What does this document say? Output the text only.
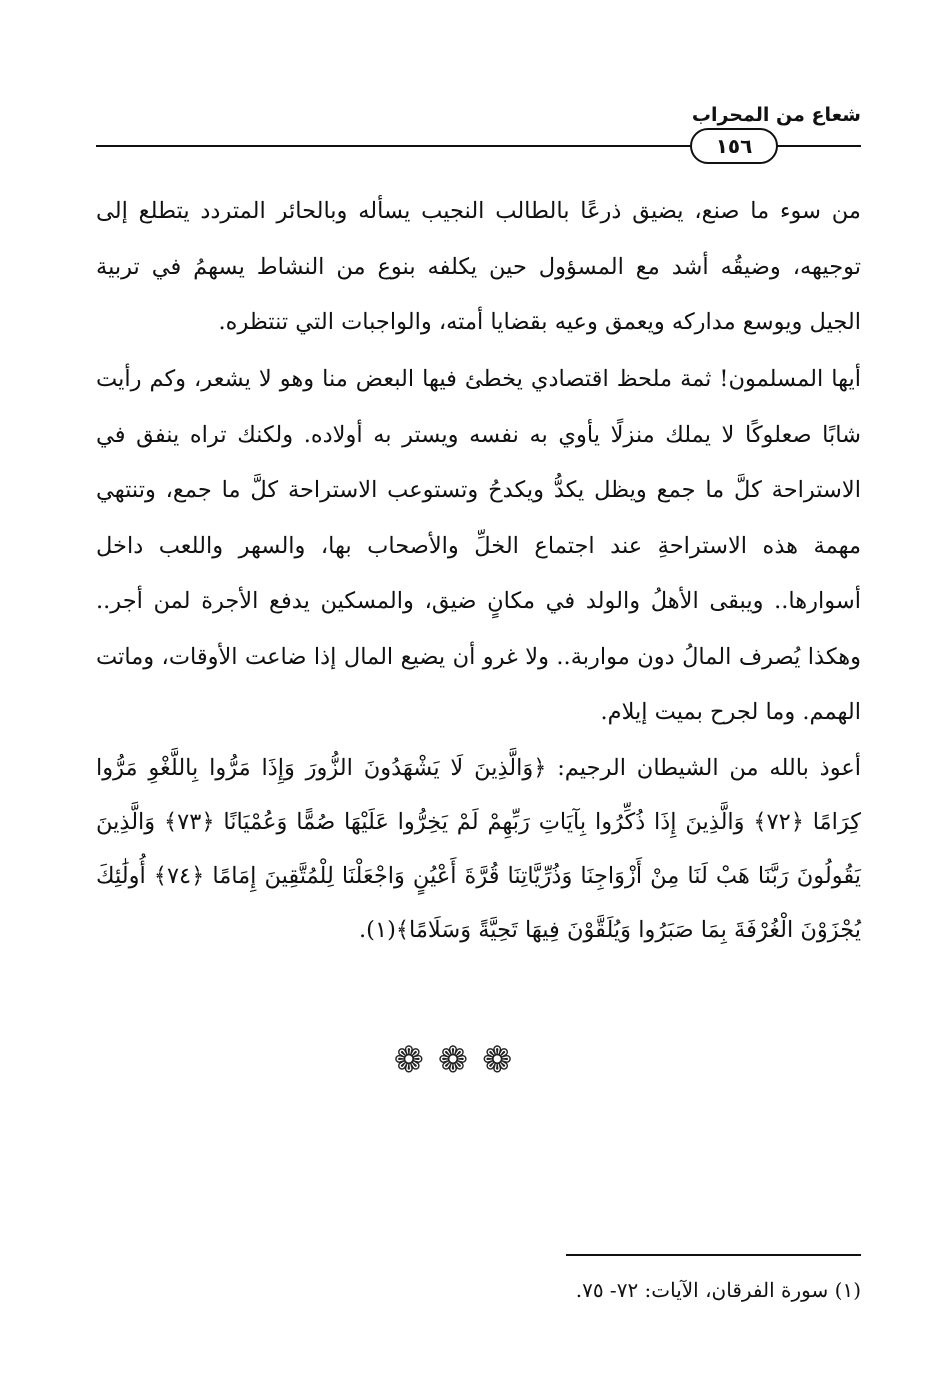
شعاع من المحراب
١٥٦

من سوء ما صنع، يضيق ذرعًا بالطالب النجيب يسأله وبالحائر المتردد يتطلع إلى توجيهه، وضيقُه أشد مع المسؤول حين يكلفه بنوع من النشاط يسهمُ في تربية الجيل ويوسع مداركه ويعمق وعيه بقضايا أمته، والواجبات التي تنتظره.

أيها المسلمون! ثمة ملحظ اقتصادي يخطئ فيها البعض منا وهو لا يشعر، وكم رأيت شابًا صعلوكًا لا يملك منزلًا يأوي به نفسه ويستر به أولاده. ولكنك تراه ينفق في الاستراحة كلَّ ما جمع ويظل يكدُّ ويكدحُ وتستوعب الاستراحة كلَّ ما جمع، وتنتهي مهمة هذه الاستراحةِ عند اجتماع الخلِّ والأصحاب بها، والسهر واللعب داخل أسوارها.. ويبقى الأهلُ والولد في مكانٍ ضيق، والمسكين يدفع الأجرة لمن أجر.. وهكذا يُصرف المالُ دون مواربة.. ولا غرو أن يضيع المال إذا ضاعت الأوقات، وماتت الهمم. وما لجرح بميت إيلام.

أعوذ بالله من الشيطان الرجيم: ﴿وَالَّذِينَ لَا يَشْهَدُونَ الزُّورَ وَإِذَا مَرُّوا بِاللَّغْوِ مَرُّوا كِرَامًا ﴿٧٢﴾ وَالَّذِينَ إِذَا ذُكِّرُوا بِآيَاتِ رَبِّهِمْ لَمْ يَخِرُّوا عَلَيْهَا صُمًّا وَعُمْيَانًا ﴿٧٣﴾ وَالَّذِينَ يَقُولُونَ رَبَّنَا هَبْ لَنَا مِنْ أَزْوَاجِنَا وَذُرِّيَّاتِنَا قُرَّةَ أَعْيُنٍ وَاجْعَلْنَا لِلْمُتَّقِينَ إِمَامًا ﴿٧٤﴾ أُولَٰئِكَ يُجْزَوْنَ الْغُرْفَةَ بِمَا صَبَرُوا وَيُلَقَّوْنَ فِيهَا تَحِيَّةً وَسَلَامًا﴾(١).

❁❁❁
(١) سورة الفرقان، الآيات: ٧٢- ٧٥.
